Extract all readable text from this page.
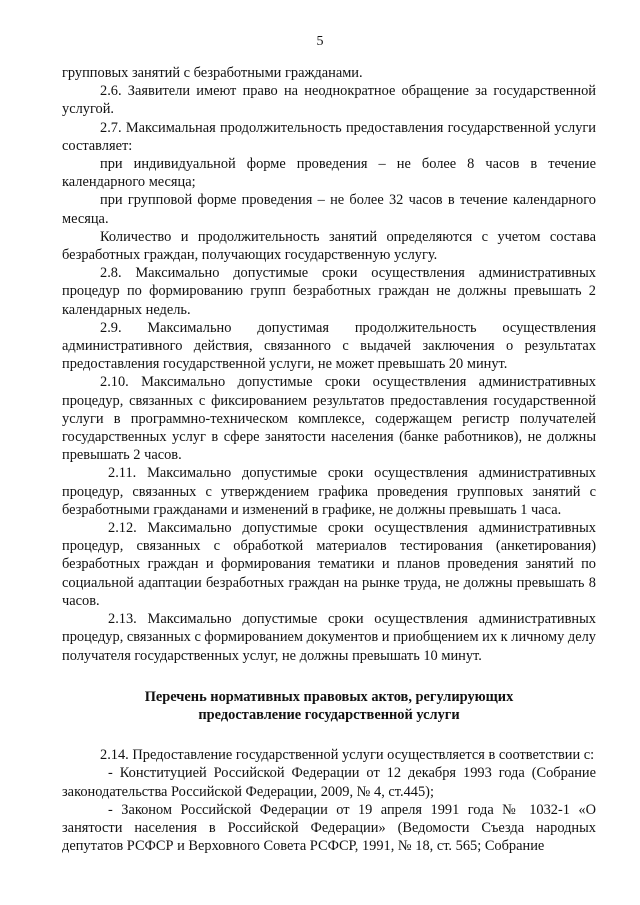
5

групповых занятий с безработными гражданами.

2.6. Заявители имеют право на неоднократное обращение за государственной услугой.

2.7. Максимальная продолжительность предоставления государственной услуги составляет:

при индивидуальной форме проведения – не более 8 часов в течение календарного месяца;

при групповой форме проведения – не более 32 часов в течение календарного месяца.

Количество и продолжительность занятий определяются с учетом состава безработных граждан, получающих государственную услугу.

2.8. Максимально допустимые сроки осуществления административных процедур по формированию групп безработных граждан не должны превышать 2 календарных недель.

2.9. Максимально допустимая продолжительность осуществления административного действия, связанного с выдачей заключения о результатах предоставления государственной услуги, не может превышать 20 минут.

2.10. Максимально допустимые сроки осуществления административных процедур, связанных с фиксированием результатов предоставления государственной услуги в программно-техническом комплексе, содержащем регистр получателей государственных услуг в сфере занятости населения (банке работников), не должны превышать 2 часов.

2.11. Максимально допустимые сроки осуществления административных процедур, связанных с утверждением графика проведения групповых занятий с безработными гражданами и изменений в графике, не должны превышать 1 часа.

2.12. Максимально допустимые сроки осуществления административных процедур, связанных с обработкой материалов тестирования (анкетирования) безработных граждан и формирования тематики и планов проведения занятий по социальной адаптации безработных граждан на рынке труда, не должны превышать 8 часов.

2.13. Максимально допустимые сроки осуществления административных процедур, связанных с формированием документов и приобщением их к личному делу получателя государственных услуг, не должны превышать 10 минут.

Перечень нормативных правовых актов, регулирующих
предоставление государственной услуги

2.14. Предоставление государственной услуги осуществляется в соответствии с:

- Конституцией Российской Федерации от 12 декабря 1993 года (Собрание законодательства Российской Федерации, 2009, № 4, ст.445);

- Законом Российской Федерации от 19 апреля 1991 года № 1032-1 «О занятости населения в Российской Федерации» (Ведомости Съезда народных депутатов РСФСР и Верховного Совета РСФСР, 1991, № 18, ст. 565; Собрание
